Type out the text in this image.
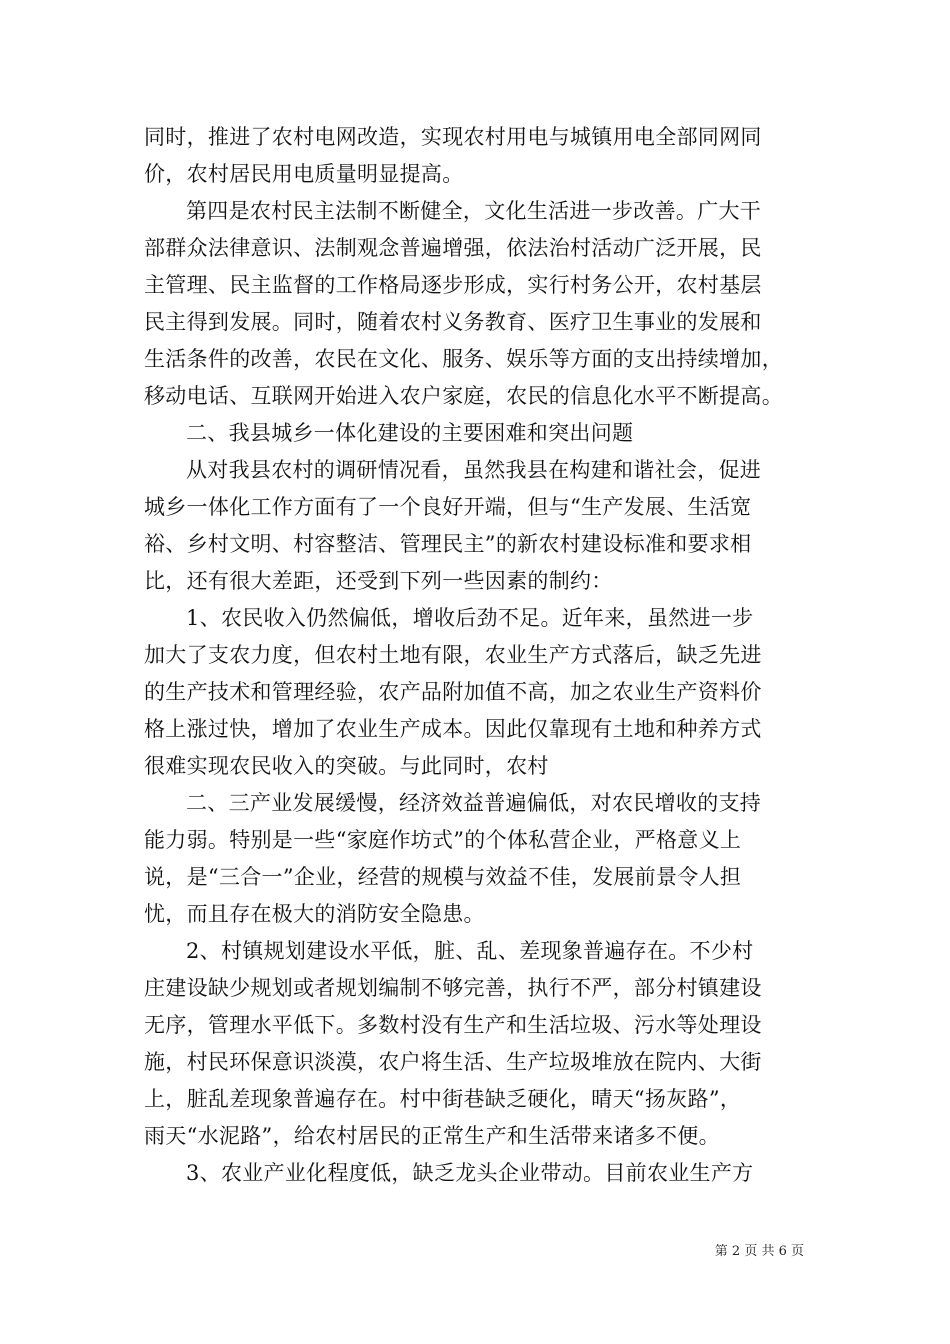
同时，推进了农村电网改造，实现农村用电与城镇用电全部同网同
价，农村居民用电质量明显提高。
第四是农村民主法制不断健全，文化生活进一步改善。广大干
部群众法律意识、法制观念普遍增强，依法治村活动广泛开展，民
主管理、民主监督的工作格局逐步形成，实行村务公开，农村基层
民主得到发展。同时，随着农村义务教育、医疗卫生事业的发展和
生活条件的改善，农民在文化、服务、娱乐等方面的支出持续增加，
移动电话、互联网开始进入农户家庭，农民的信息化水平不断提高。
二、我县城乡一体化建设的主要困难和突出问题
从对我县农村的调研情况看，虽然我县在构建和谐社会，促进
城乡一体化工作方面有了一个良好开端，但与“生产发展、生活宽
裕、乡村文明、村容整洁、管理民主”的新农村建设标准和要求相
比，还有很大差距，还受到下列一些因素的制约：
1、农民收入仍然偏低，增收后劲不足。近年来，虽然进一步
加大了支农力度，但农村土地有限，农业生产方式落后，缺乏先进
的生产技术和管理经验，农产品附加值不高，加之农业生产资料价
格上涨过快，增加了农业生产成本。因此仅靠现有土地和种养方式
很难实现农民收入的突破。与此同时，农村
二、三产业发展缓慢，经济效益普遍偏低，对农民增收的支持
能力弱。特别是一些“家庭作坊式”的个体私营企业，严格意义上
说，是“三合一”企业，经营的规模与效益不佳，发展前景令人担
忧，而且存在极大的消防安全隐患。
2、村镇规划建设水平低，脏、乱、差现象普遍存在。不少村
庄建设缺少规划或者规划编制不够完善，执行不严，部分村镇建设
无序，管理水平低下。多数村没有生产和生活垃圾、污水等处理设
施，村民环保意识淡漠，农户将生活、生产垃圾堆放在院内、大街
上，脏乱差现象普遍存在。村中街巷缺乏硬化，晴天“扬灰路”，
雨天“水泥路”，给农村居民的正常生产和生活带来诸多不便。
3、农业产业化程度低，缺乏龙头企业带动。目前农业生产方
第 2 页 共 6 页
